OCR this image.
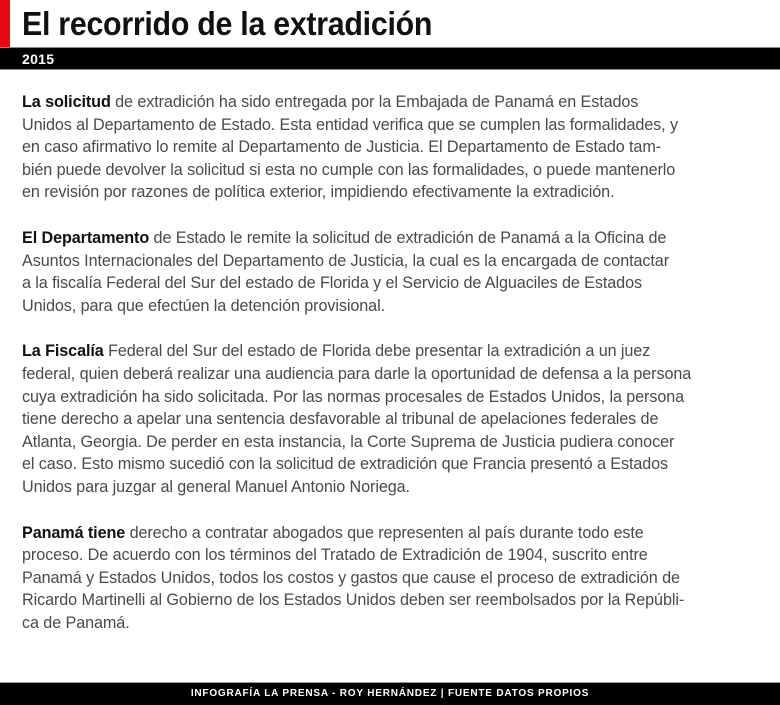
El recorrido de la extradición
2015

La solicitud de extradición ha sido entregada por la Embajada de Panamá en Estados
Unidos al Departamento de Estado. Esta entidad verifica que se cumplen las formalidades, y
en caso afirmativo lo remite al Departamento de Justicia. El Departamento de Estado tam-
bién puede devolver la solicitud si esta no cumple con las formalidades, o puede mantenerlo
en revisión por razones de política exterior, impidiendo efectivamente la extradición.

El Departamento de Estado le remite la solicitud de extradición de Panamá a la Oficina de
Asuntos Internacionales del Departamento de Justicia, la cual es la encargada de contactar
a la fiscalía Federal del Sur del estado de Florida y el Servicio de Alguaciles de Estados
Unidos, para que efectúen la detención provisional.

La Fiscalía Federal del Sur del estado de Florida debe presentar la extradición a un juez
federal, quien deberá realizar una audiencia para darle la oportunidad de defensa a la persona
cuya extradición ha sido solicitada. Por las normas procesales de Estados Unidos, la persona
tiene derecho a apelar una sentencia desfavorable al tribunal de apelaciones federales de
Atlanta, Georgia. De perder en esta instancia, la Corte Suprema de Justicia pudiera conocer
el caso. Esto mismo sucedió con la solicitud de extradición que Francia presentó a Estados
Unidos para juzgar al general Manuel Antonio Noriega.

Panamá tiene derecho a contratar abogados que representen al país durante todo este
proceso. De acuerdo con los términos del Tratado de Extradición de 1904, suscrito entre
Panamá y Estados Unidos, todos los costos y gastos que cause el proceso de extradición de
Ricardo Martinelli al Gobierno de los Estados Unidos deben ser reembolsados por la Repúbli-
ca de Panamá.

INFOGRAFÍA LA PRENSA - ROY HERNÁNDEZ | FUENTE DATOS PROPIOS
